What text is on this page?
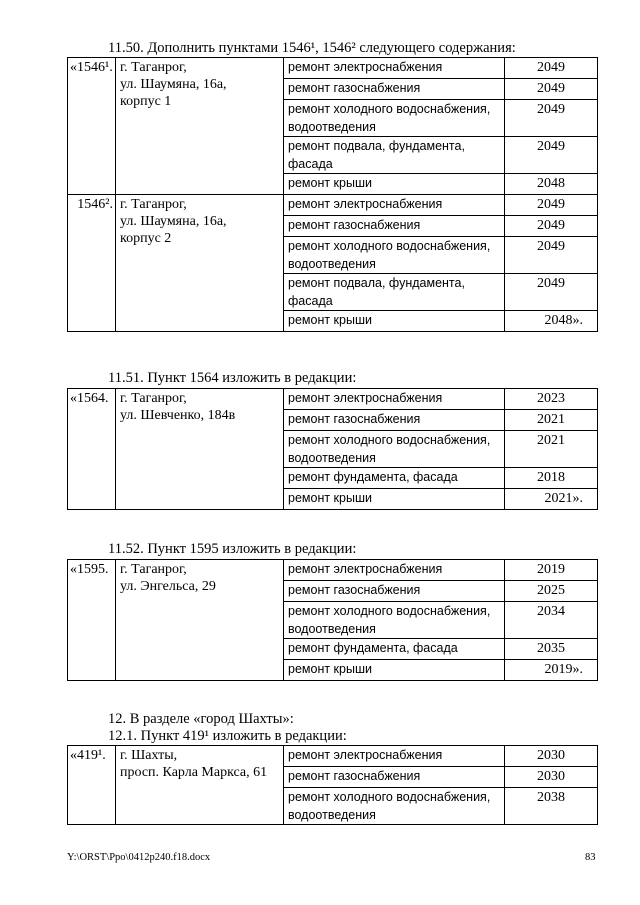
11.50. Дополнить пунктами 1546¹, 1546² следующего содержания:
«1546¹.	г. Таганрог,
ул. Шаумяна, 16а,
корпус 1	ремонт электроснабжения	2049
		ремонт газоснабжения	2049
		ремонт холодного водоснабжения, водоотведения	2049
		ремонт подвала, фундамента, фасада	2049
		ремонт крыши	2048
1546².	г. Таганрог,
ул. Шаумяна, 16а,
корпус 2	ремонт электроснабжения	2049
		ремонт газоснабжения	2049
		ремонт холодного водоснабжения, водоотведения	2049
		ремонт подвала, фундамента, фасада	2049
		ремонт крыши	2048».
11.51. Пункт 1564 изложить в редакции:
«1564.	г. Таганрог,
ул. Шевченко, 184в	ремонт электроснабжения	2023
		ремонт газоснабжения	2021
		ремонт холодного водоснабжения, водоотведения	2021
		ремонт фундамента, фасада	2018
		ремонт крыши	2021».
11.52. Пункт 1595 изложить в редакции:
«1595.	г. Таганрог,
ул. Энгельса, 29	ремонт электроснабжения	2019
		ремонт газоснабжения	2025
		ремонт холодного водоснабжения, водоотведения	2034
		ремонт фундамента, фасада	2035
		ремонт крыши	2019».
12. В разделе «город Шахты»:
12.1. Пункт 419¹ изложить в редакции:
«419¹.	г. Шахты,
просп. Карла Маркса, 61	ремонт электроснабжения	2030
		ремонт газоснабжения	2030
		ремонт холодного водоснабжения, водоотведения	2038
Y:\ORST\Ppo\0412p240.f18.docx	83
